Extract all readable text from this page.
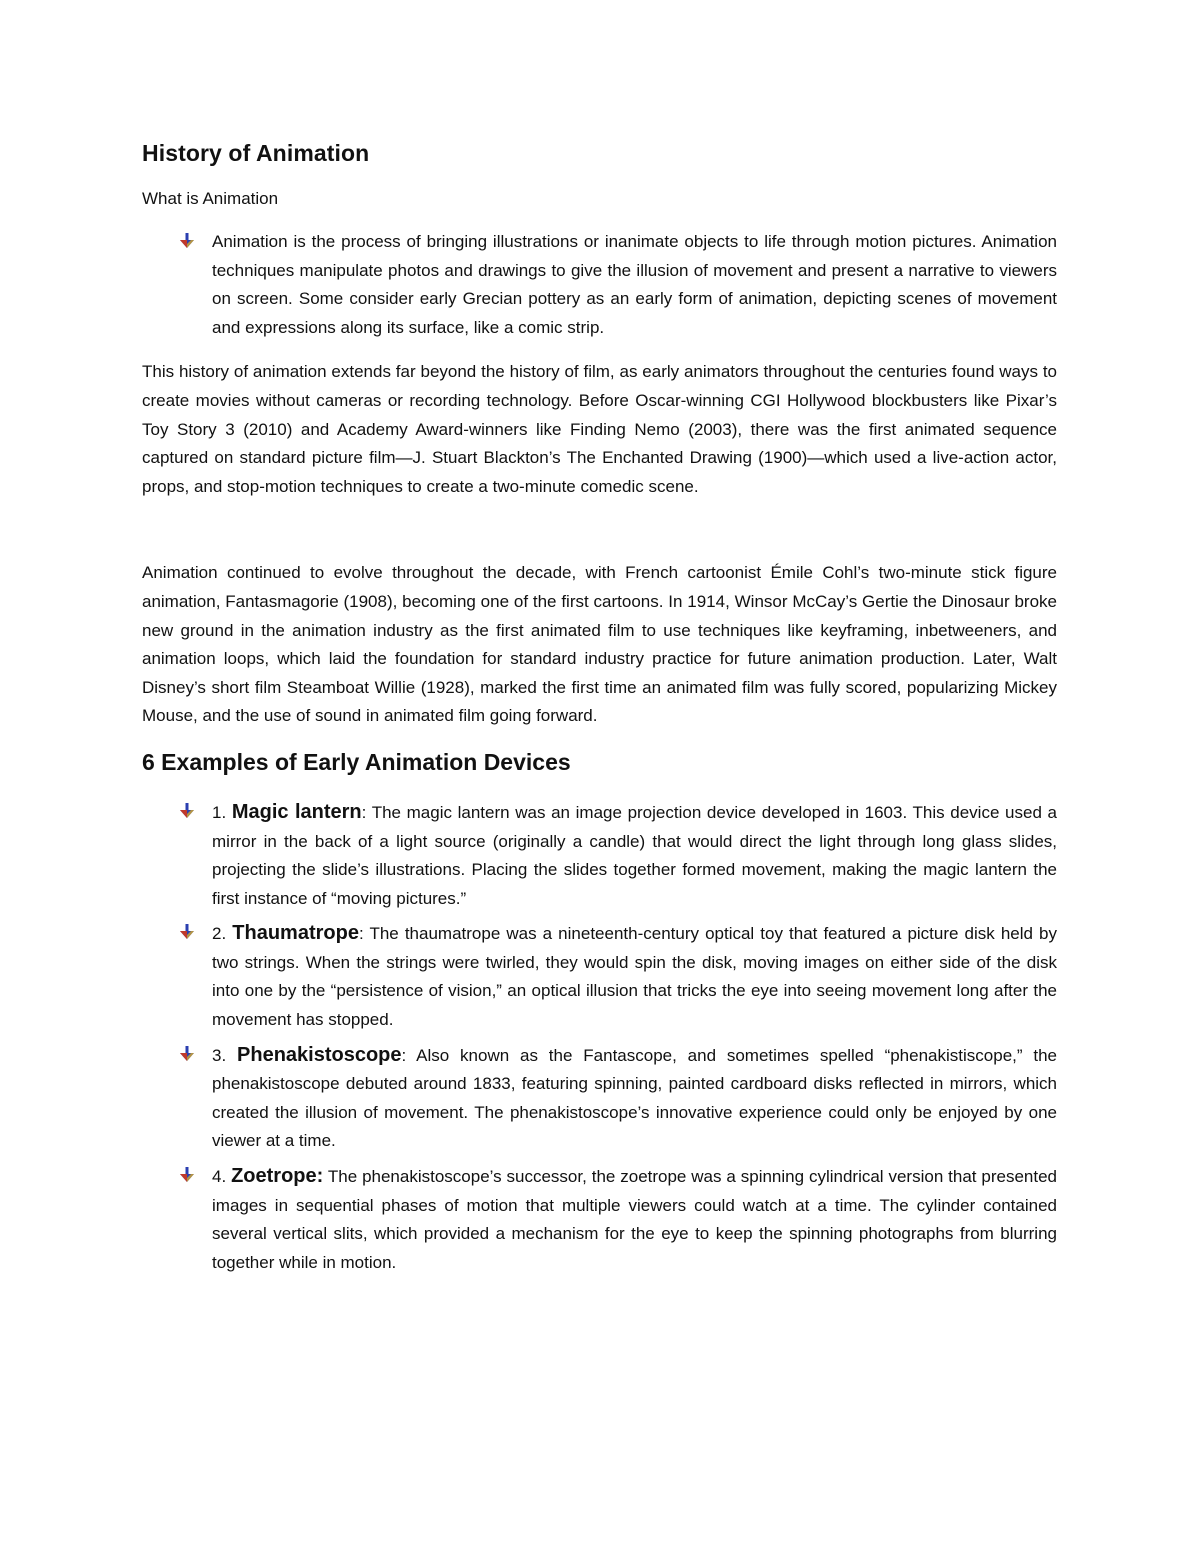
History of Animation
What is Animation
Animation is the process of bringing illustrations or inanimate objects to life through motion pictures. Animation techniques manipulate photos and drawings to give the illusion of movement and present a narrative to viewers on screen. Some consider early Grecian pottery as an early form of animation, depicting scenes of movement and expressions along its surface, like a comic strip.

This history of animation extends far beyond the history of film, as early animators throughout the centuries found ways to create movies without cameras or recording technology. Before Oscar-winning CGI Hollywood blockbusters like Pixar’s Toy Story 3 (2010) and Academy Award-winners like Finding Nemo (2003), there was the first animated sequence captured on standard picture film—J. Stuart Blackton’s The Enchanted Drawing (1900)—which used a live-action actor, props, and stop-motion techniques to create a two-minute comedic scene.

Animation continued to evolve throughout the decade, with French cartoonist Émile Cohl’s two-minute stick figure animation, Fantasmagorie (1908), becoming one of the first cartoons. In 1914, Winsor McCay’s Gertie the Dinosaur broke new ground in the animation industry as the first animated film to use techniques like keyframing, inbetweeners, and animation loops, which laid the foundation for standard industry practice for future animation production. Later, Walt Disney’s short film Steamboat Willie (1928), marked the first time an animated film was fully scored, popularizing Mickey Mouse, and the use of sound in animated film going forward.

6 Examples of Early Animation Devices
1. Magic lantern: The magic lantern was an image projection device developed in 1603. This device used a mirror in the back of a light source (originally a candle) that would direct the light through long glass slides, projecting the slide’s illustrations. Placing the slides together formed movement, making the magic lantern the first instance of “moving pictures.”
2. Thaumatrope: The thaumatrope was a nineteenth-century optical toy that featured a picture disk held by two strings. When the strings were twirled, they would spin the disk, moving images on either side of the disk into one by the “persistence of vision,” an optical illusion that tricks the eye into seeing movement long after the movement has stopped.
3. Phenakistoscope: Also known as the Fantascope, and sometimes spelled “phenakistiscope,” the phenakistoscope debuted around 1833, featuring spinning, painted cardboard disks reflected in mirrors, which created the illusion of movement. The phenakistoscope’s innovative experience could only be enjoyed by one viewer at a time.
4. Zoetrope: The phenakistoscope’s successor, the zoetrope was a spinning cylindrical version that presented images in sequential phases of motion that multiple viewers could watch at a time. The cylinder contained several vertical slits, which provided a mechanism for the eye to keep the spinning photographs from blurring together while in motion.
